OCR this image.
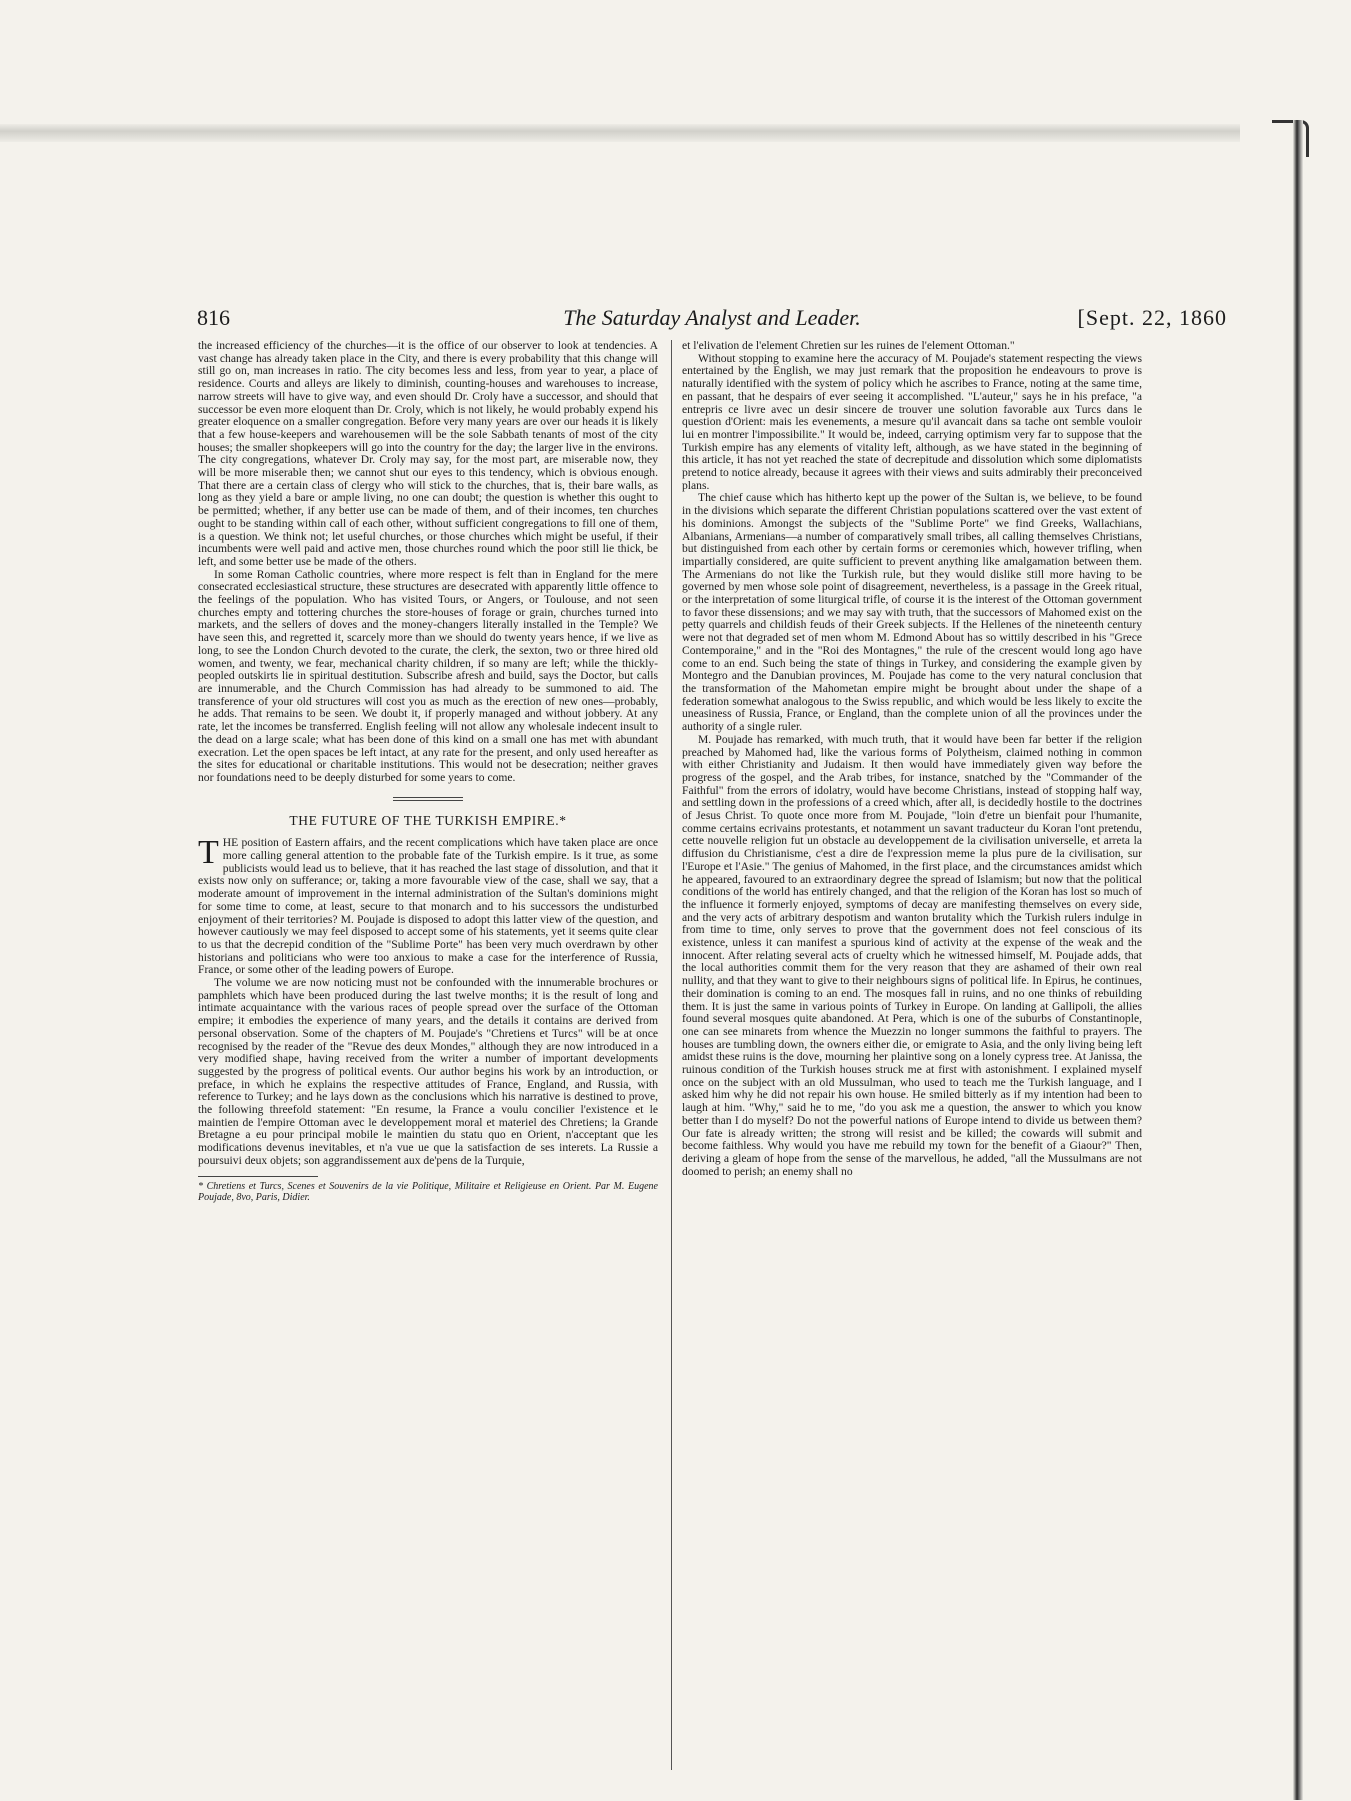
The Saturday Analyst and Leader.
816	[Sept. 22, 1860

the increased efficiency of the churches—it is the office of our observer to look at tendencies. A vast change has already taken place in the City, and there is every probability that this change will still go on, man increases in ratio. The city becomes less and less, from year to year, a place of residence. Courts and alleys are likely to diminish, counting-houses and warehouses to increase, narrow streets will have to give way, and even should Dr. Croly have a successor, and should that successor be even more eloquent than Dr. Croly, which is not likely, he would probably expend his greater eloquence on a smaller congregation. Before very many years are over our heads it is likely that a few house-keepers and warehousemen will be the sole Sabbath tenants of most of the city houses; the smaller shopkeepers will go into the country for the day; the larger live in the environs. The city congregations, whatever Dr. Croly may say, for the most part, are miserable now, they will be more miserable then; we cannot shut our eyes to this tendency, which is obvious enough. That there are a certain class of clergy who will stick to the churches, that is, their bare walls, as long as they yield a bare or ample living, no one can doubt; the question is whether this ought to be permitted; whether, if any better use can be made of them, and of their incomes, ten churches ought to be standing within call of each other, without sufficient congregations to fill one of them, is a question. We think not; let useful churches, or those churches which might be useful, if their incumbents were well paid and active men, those churches round which the poor still lie thick, be left, and some better use be made of the others.

In some Roman Catholic countries, where more respect is felt than in England for the mere consecrated ecclesiastical structure, these structures are desecrated with apparently little offence to the feelings of the population. Who has visited Tours, or Angers, or Toulouse, and not seen churches empty and tottering churches the store-houses of forage or grain, churches turned into markets, and the sellers of doves and the money-changers literally installed in the Temple? We have seen this, and regretted it, scarcely more than we should do twenty years hence, if we live as long, to see the London Church devoted to the curate, the clerk, the sexton, two or three hired old women, and twenty, we fear, mechanical charity children, if so many are left; while the thickly-peopled outskirts lie in spiritual destitution. Subscribe afresh and build, says the Doctor, but calls are innumerable, and the Church Commission has had already to be summoned to aid. The transference of your old structures will cost you as much as the erection of new ones—probably, he adds. That remains to be seen. We doubt it, if properly managed and without jobbery. At any rate, let the incomes be transferred. English feeling will not allow any wholesale indecent insult to the dead on a large scale; what has been done of this kind on a small one has met with abundant execration. Let the open spaces be left intact, at any rate for the present, and only used hereafter as the sites for educational or charitable institutions. This would not be desecration; neither graves nor foundations need to be deeply disturbed for some years to come.

THE FUTURE OF THE TURKISH EMPIRE.*

THE position of Eastern affairs, and the recent complications which have taken place are once more calling general attention to the probable fate of the Turkish empire. Is it true, as some publicists would lead us to believe, that it has reached the last stage of dissolution, and that it exists now only on sufferance; or, taking a more favourable view of the case, shall we say, that a moderate amount of improvement in the internal administration of the Sultan's dominions might for some time to come, at least, secure to that monarch and to his successors the undisturbed enjoyment of their territories? M. Poujade is disposed to adopt this latter view of the question, and however cautiously we may feel disposed to accept some of his statements, yet it seems quite clear to us that the decrepid condition of the "Sublime Porte" has been very much overdrawn by other historians and politicians who were too anxious to make a case for the interference of Russia, France, or some other of the leading powers of Europe.

The volume we are now noticing must not be confounded with the innumerable brochures or pamphlets which have been produced during the last twelve months; it is the result of long and intimate acquaintance with the various races of people spread over the surface of the Ottoman empire; it embodies the experience of many years, and the details it contains are derived from personal observation. Some of the chapters of M. Poujade's "Chretiens et Turcs" will be at once recognised by the reader of the "Revue des deux Mondes," although they are now introduced in a very modified shape, having received from the writer a number of important developments suggested by the progress of political events. Our author begins his work by an introduction, or preface, in which he explains the respective attitudes of France, England, and Russia, with reference to Turkey; and he lays down as the conclusions which his narrative is destined to prove, the following threefold statement: "En resume, la France a voulu concilier l'existence et le maintien de l'empire Ottoman avec le developpement moral et materiel des Chretiens; la Grande Bretagne a eu pour principal mobile le maintien du statu quo en Orient, n'acceptant que les modifications devenus inevitables, et n'a vue ue que la satisfaction de ses interets. La Russie a poursuivi deux objets; son aggrandissement aux de'pens de la Turquie,

* Chretiens et Turcs, Scenes et Souvenirs de la vie Politique, Militaire et Religieuse en Orient. Par M. Eugene Poujade, 8vo, Paris, Didier.

et l'elivation de l'element Chretien sur les ruines de l'element Ottoman."

Without stopping to examine here the accuracy of M. Poujade's statement respecting the views entertained by the English, we may just remark that the proposition he endeavours to prove is naturally identified with the system of policy which he ascribes to France, noting at the same time, en passant, that he despairs of ever seeing it accomplished. "L'auteur," says he in his preface, "a entrepris ce livre avec un desir sincere de trouver une solution favorable aux Turcs dans le question d'Orient: mais les evenements, a mesure qu'il avancait dans sa tache ont semble vouloir lui en montrer l'impossibilite." It would be, indeed, carrying optimism very far to suppose that the Turkish empire has any elements of vitality left, although, as we have stated in the beginning of this article, it has not yet reached the state of decrepitude and dissolution which some diplomatists pretend to notice already, because it agrees with their views and suits admirably their preconceived plans.

The chief cause which has hitherto kept up the power of the Sultan is, we believe, to be found in the divisions which separate the different Christian populations scattered over the vast extent of his dominions. Amongst the subjects of the "Sublime Porte" we find Greeks, Wallachians, Albanians, Armenians—a number of comparatively small tribes, all calling themselves Christians, but distinguished from each other by certain forms or ceremonies which, however trifling, when impartially considered, are quite sufficient to prevent anything like amalgamation between them. The Armenians do not like the Turkish rule, but they would dislike still more having to be governed by men whose sole point of disagreement, nevertheless, is a passage in the Greek ritual, or the interpretation of some liturgical trifle, of course it is the interest of the Ottoman government to favor these dissensions; and we may say with truth, that the successors of Mahomed exist on the petty quarrels and childish feuds of their Greek subjects. If the Hellenes of the nineteenth century were not that degraded set of men whom M. Edmond About has so wittily described in his "Grece Contemporaine," and in the "Roi des Montagnes," the rule of the crescent would long ago have come to an end. Such being the state of things in Turkey, and considering the example given by Montegro and the Danubian provinces, M. Poujade has come to the very natural conclusion that the transformation of the Mahometan empire might be brought about under the shape of a federation somewhat analogous to the Swiss republic, and which would be less likely to excite the uneasiness of Russia, France, or England, than the complete union of all the provinces under the authority of a single ruler.

M. Poujade has remarked, with much truth, that it would have been far better if the religion preached by Mahomed had, like the various forms of Polytheism, claimed nothing in common with either Christianity and Judaism. It then would have immediately given way before the progress of the gospel, and the Arab tribes, for instance, snatched by the "Commander of the Faithful" from the errors of idolatry, would have become Christians, instead of stopping half way, and settling down in the professions of a creed which, after all, is decidedly hostile to the doctrines of Jesus Christ. To quote once more from M. Poujade, "loin d'etre un bienfait pour l'humanite, comme certains ecrivains protestants, et notamment un savant traducteur du Koran l'ont pretendu, cette nouvelle religion fut un obstacle au developpement de la civilisation universelle, et arreta la diffusion du Christianisme, c'est a dire de l'expression meme la plus pure de la civilisation, sur l'Europe et l'Asie." The genius of Mahomed, in the first place, and the circumstances amidst which he appeared, favoured to an extraordinary degree the spread of Islamism; but now that the political conditions of the world has entirely changed, and that the religion of the Koran has lost so much of the influence it formerly enjoyed, symptoms of decay are manifesting themselves on every side, and the very acts of arbitrary despotism and wanton brutality which the Turkish rulers indulge in from time to time, only serves to prove that the government does not feel conscious of its existence, unless it can manifest a spurious kind of activity at the expense of the weak and the innocent. After relating several acts of cruelty which he witnessed himself, M. Poujade adds, that the local authorities commit them for the very reason that they are ashamed of their own real nullity, and that they want to give to their neighbours signs of political life. In Epirus, he continues, their domination is coming to an end. The mosques fall in ruins, and no one thinks of rebuilding them. It is just the same in various points of Turkey in Europe. On landing at Gallipoli, the allies found several mosques quite abandoned. At Pera, which is one of the suburbs of Constantinople, one can see minarets from whence the Muezzin no longer summons the faithful to prayers. The houses are tumbling down, the owners either die, or emigrate to Asia, and the only living being left amidst these ruins is the dove, mourning her plaintive song on a lonely cypress tree. At Janissa, the ruinous condition of the Turkish houses struck me at first with astonishment. I explained myself once on the subject with an old Mussulman, who used to teach me the Turkish language, and I asked him why he did not repair his own house. He smiled bitterly as if my intention had been to laugh at him. "Why," said he to me, "do you ask me a question, the answer to which you know better than I do myself? Do not the powerful nations of Europe intend to divide us between them? Our fate is already written; the strong will resist and be killed; the cowards will submit and become faithless. Why would you have me rebuild my town for the benefit of a Giaour?" Then, deriving a gleam of hope from the sense of the marvellous, he added, "all the Mussulmans are not doomed to perish; an enemy shall no
